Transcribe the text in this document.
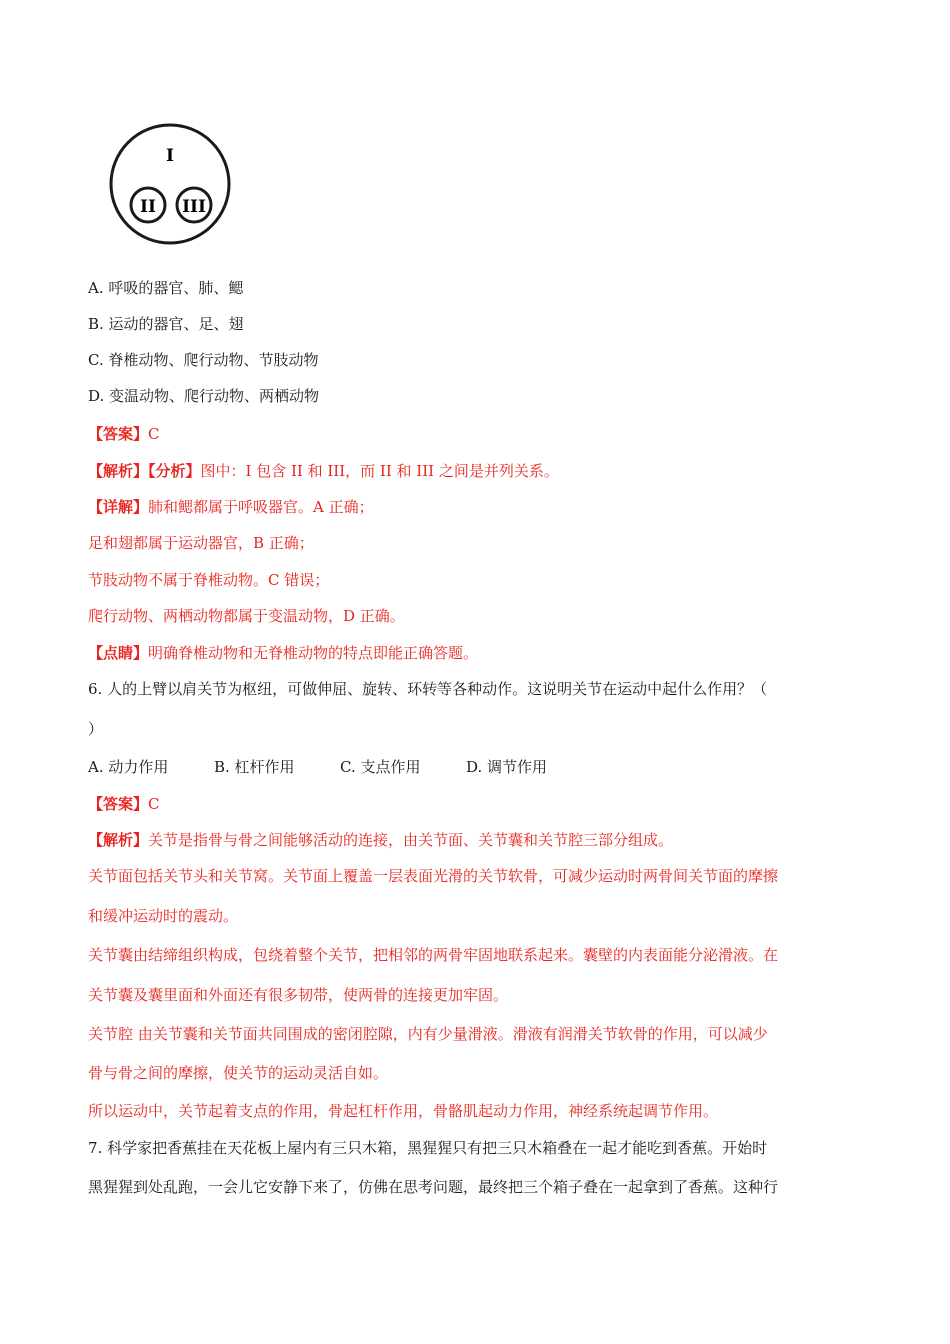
I
II III
A. 呼吸的器官、肺、鳃
B. 运动的器官、足、翅
C. 脊椎动物、爬行动物、节肢动物
D. 变温动物、爬行动物、两栖动物
【答案】C
【解析】【分析】图中：I 包含 II 和 III，而 II 和 III 之间是并列关系。
【详解】肺和鳃都属于呼吸器官。A 正确；
足和翅都属于运动器官，B 正确；
节肢动物不属于脊椎动物。C 错误；
爬行动物、两栖动物都属于变温动物，D 正确。
【点睛】明确脊椎动物和无脊椎动物的特点即能正确答题。
6. 人的上臂以肩关节为枢纽，可做伸屈、旋转、环转等各种动作。这说明关节在运动中起什么作用？（
）
A. 动力作用	B. 杠杆作用	C. 支点作用	D. 调节作用
【答案】C
【解析】关节是指骨与骨之间能够活动的连接，由关节面、关节囊和关节腔三部分组成。
关节面包括关节头和关节窝。关节面上覆盖一层表面光滑的关节软骨，可减少运动时两骨间关节面的摩擦
和缓冲运动时的震动。
关节囊由结缔组织构成，包绕着整个关节，把相邻的两骨牢固地联系起来。囊壁的内表面能分泌滑液。在
关节囊及囊里面和外面还有很多韧带，使两骨的连接更加牢固。
关节腔 由关节囊和关节面共同围成的密闭腔隙，内有少量滑液。滑液有润滑关节软骨的作用，可以减少
骨与骨之间的摩擦，使关节的运动灵活自如。
所以运动中，关节起着支点的作用，骨起杠杆作用，骨骼肌起动力作用，神经系统起调节作用。
7. 科学家把香蕉挂在天花板上屋内有三只木箱，黑猩猩只有把三只木箱叠在一起才能吃到香蕉。开始时
黑猩猩到处乱跑，一会儿它安静下来了，仿佛在思考问题，最终把三个箱子叠在一起拿到了香蕉。这种行
